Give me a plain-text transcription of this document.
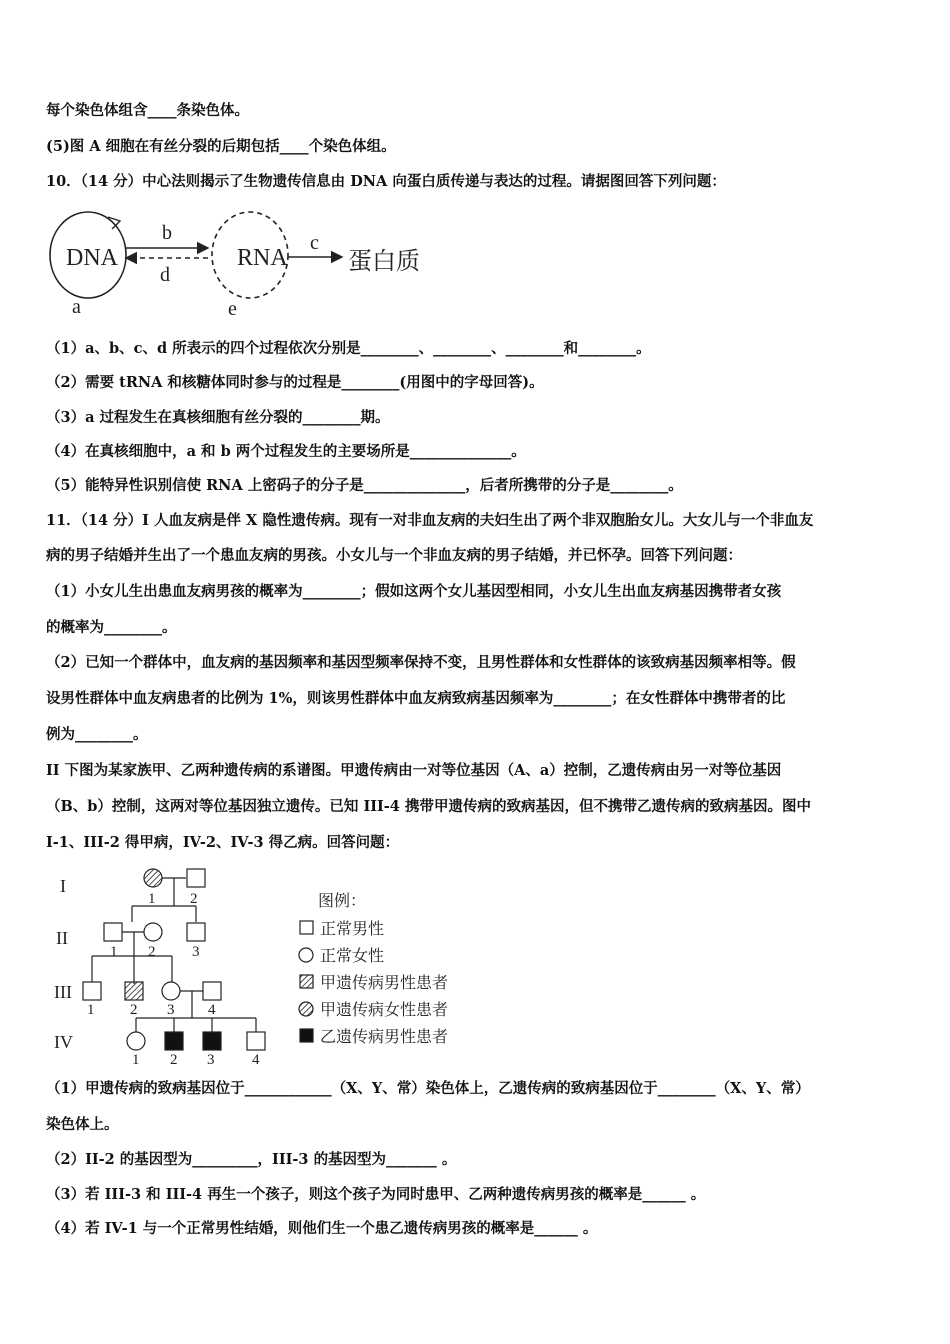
每个染色体组含____条染色体。
(5)图 A 细胞在有丝分裂的后期包括____个染色体组。
10．（14 分）中心法则揭示了生物遗传信息由 DNA 向蛋白质传递与表达的过程。请据图回答下列问题：
DNA
a
b
d
RNA
e
c
蛋白质
（1）a、b、c、d 所表示的四个过程依次分别是________、________、________和________。
（2）需要 tRNA 和核糖体同时参与的过程是________(用图中的字母回答)。
（3）a 过程发生在真核细胞有丝分裂的________期。
（4）在真核细胞中，a 和 b 两个过程发生的主要场所是______________。
（5）能特异性识别信使 RNA 上密码子的分子是______________，后者所携带的分子是________。
11．（14 分）I 人血友病是伴 X 隐性遗传病。现有一对非血友病的夫妇生出了两个非双胞胎女儿。大女儿与一个非血友
病的男子结婚并生出了一个患血友病的男孩。小女儿与一个非血友病的男子结婚，并已怀孕。回答下列问题：
（1）小女儿生出患血友病男孩的概率为________；假如这两个女儿基因型相同，小女儿生出血友病基因携带者女孩
的概率为________。
（2）已知一个群体中，血友病的基因频率和基因型频率保持不变，且男性群体和女性群体的该致病基因频率相等。假
设男性群体中血友病患者的比例为 1%，则该男性群体中血友病致病基因频率为________；在女性群体中携带者的比
例为________。
II 下图为某家族甲、乙两种遗传病的系谱图。甲遗传病由一对等位基因（A、a）控制，乙遗传病由另一对等位基因
（B、b）控制，这两对等位基因独立遗传。已知 III-4 携带甲遗传病的致病基因，但不携带乙遗传病的致病基因。图中
I-1、III-2 得甲病，IV-2、IV-3 得乙病。回答问题：
I
II
III
IV
1 2
1 2 3
1 2 3 4
1 2 3	4
图例：
正常男性
正常女性
甲遗传病男性患者
甲遗传病女性患者
乙遗传病男性患者
（1）甲遗传病的致病基因位于____________（X、Y、常）染色体上，乙遗传病的致病基因位于________（X、Y、常）
染色体上。
（2）II-2 的基因型为_________，III-3 的基因型为_______ 。
（3）若 III-3 和 III-4 再生一个孩子，则这个孩子为同时患甲、乙两种遗传病男孩的概率是______ 。
（4）若 IV-1 与一个正常男性结婚，则他们生一个患乙遗传病男孩的概率是______ 。
